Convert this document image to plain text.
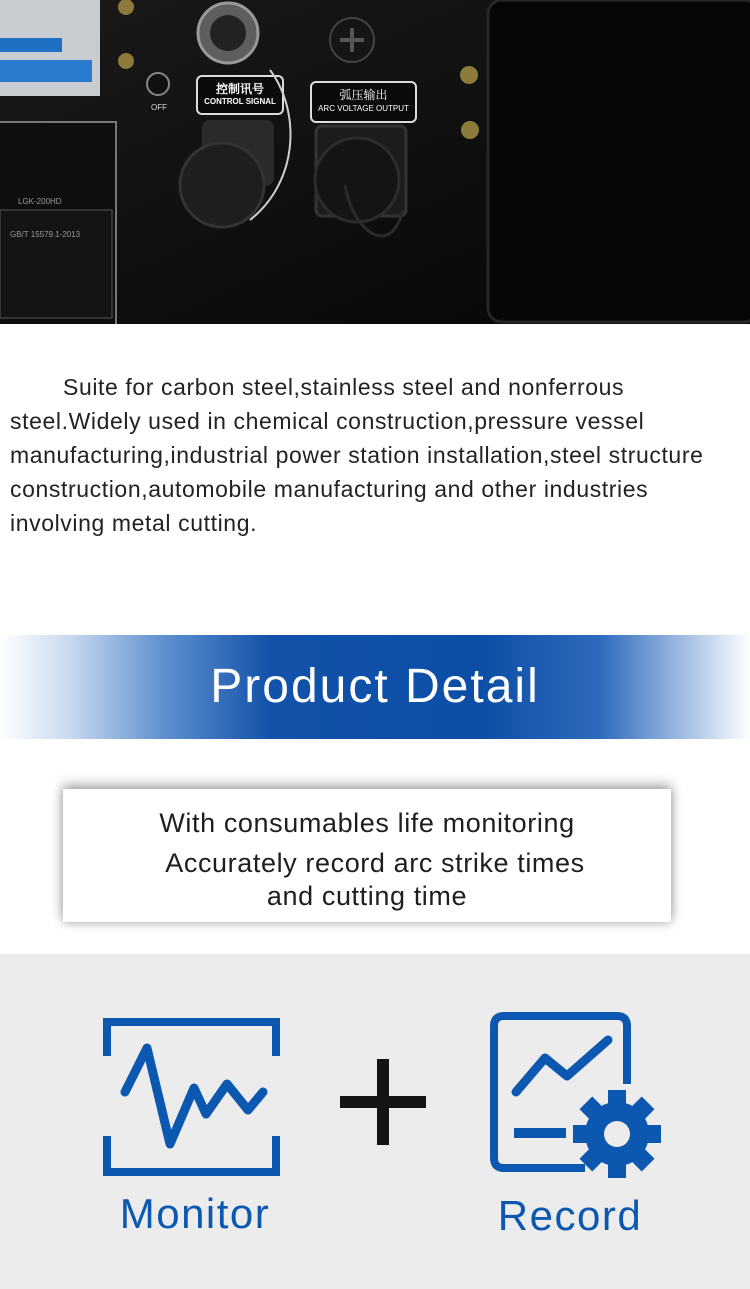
控制讯号
CONTROL SIGNAL	弧压输出
ARC VOLTAGE OUTPUT
OFF
LGK-200HD
GB/T 15579.1-2013

Suite for carbon steel,stainless steel and nonferrous steel.Widely used in chemical construction,pressure vessel manufacturing,industrial power station installation,steel structure construction,automobile manufacturing and other industries involving metal cutting.

Product Detail
With consumables life monitoring
Accurately record arc strike times
and cutting time
Monitor	Record
